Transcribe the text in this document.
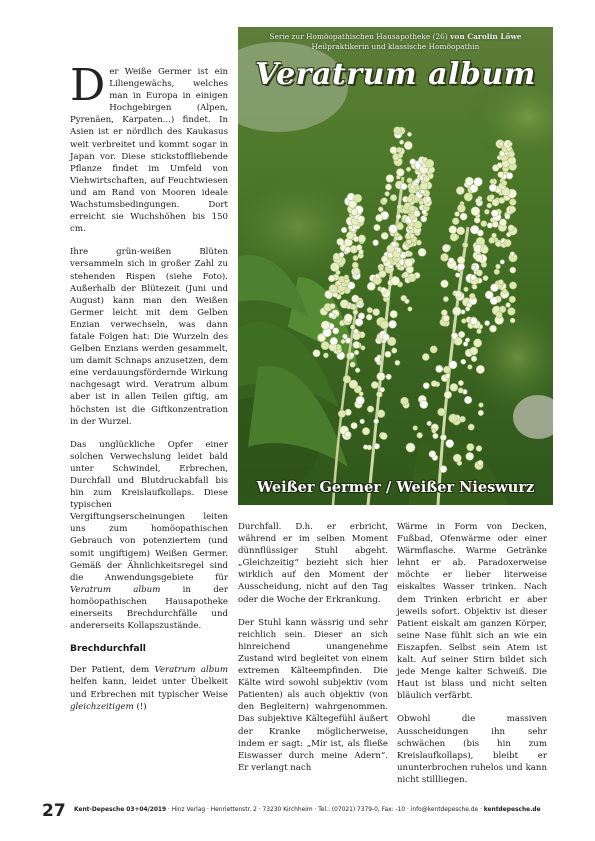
Der Weiße Germer ist ein Liliengewächs, welches man in Europa in einigen Hochgebirgen (Alpen, Pyrenäen, Karpaten...) findet. In Asien ist er nördlich des Kaukasus weit verbreitet und kommt sogar in Japan vor. Diese stickstoffliebende Pflanze findet im Umfeld von Viehwirtschaften, auf Feuchtwiesen und am Rand von Mooren ideale Wachstumsbedingungen. Dort erreicht sie Wuchshöhen bis 150 cm.

Ihre grün-weißen Blüten versammeln sich in großer Zahl zu stehenden Rispen (siehe Foto). Außerhalb der Blütezeit (Juni und August) kann man den Weißen Germer leicht mit dem Gelben Enzian verwechseln, was dann fatale Folgen hat: Die Wurzeln des Gelben Enzians werden gesammelt, um damit Schnaps anzusetzen, dem eine verdauungsfördernde Wirkung nachgesagt wird. Veratrum album aber ist in allen Teilen giftig, am höchsten ist die Giftkonzentration in der Wurzel.

Das unglückliche Opfer einer solchen Verwechslung leidet bald unter Schwindel, Erbrechen, Durchfall und Blutdruckabfall bis hin zum Kreislaufkollaps. Diese typischen Vergiftungserscheinungen leiten uns zum homöopathischen Gebrauch von potenziertem (und somit ungiftigem) Weißen Germer. Gemäß der Ähnlichkeitsregel sind die Anwendungsgebiete für Veratrum album in der homöopathischen Hausapotheke einerseits Brechdurchfälle und andererseits Kollapszustände.

Brechdurchfall

Der Patient, dem Veratrum album helfen kann, leidet unter Übelkeit und Erbrechen mit typischer Weise gleichzeitigem (!)

Serie zur Homöopathischen Hausapotheke (26) von Carolin Löwe
Heilpraktikerin und klassische Homöopathin
Veratrum album
Weißer Germer / Weißer Nieswurz

Durchfall. D.h. er erbricht, während er im selben Moment dünnflüssiger Stuhl abgeht. „Gleichzeitig“ bezieht sich hier wirklich auf den Moment der Ausscheidung, nicht auf den Tag oder die Woche der Erkrankung.

Der Stuhl kann wässrig und sehr reichlich sein. Dieser an sich hinreichend unangenehme Zustand wird begleitet von einem extremen Kälteempfinden. Die Kälte wird sowohl subjektiv (vom Patienten) als auch objektiv (von den Begleitern) wahrgenommen. Das subjektive Kältegefühl äußert der Kranke möglicherweise, indem er sagt: „Mir ist, als fließe Eiswasser durch meine Adern“. Er verlangt nach

Wärme in Form von Decken, Fußbad, Ofenwärme oder einer Wärmflasche. Warme Getränke lehnt er ab. Paradoxerweise möchte er lieber literweise eiskaltes Wasser trinken. Nach dem Trinken erbricht er aber jeweils sofort. Objektiv ist dieser Patient eiskalt am ganzen Körper, seine Nase fühlt sich an wie ein Eiszapfen. Selbst sein Atem ist kalt. Auf seiner Stirn bildet sich jede Menge kalter Schweiß. Die Haut ist blass und nicht selten bläulich verfärbt.

Obwohl die massiven Ausscheidungen ihn sehr schwächen (bis hin zum Kreislaufkollaps), bleibt er ununterbrochen ruhelos und kann nicht stillliegen.

27 Kent-Depesche 03+04/2019 · Hinz Verlag · Henriettenstr. 2 · 73230 Kirchheim · Tel.: (07021) 7379-0, Fax: -10 · info@kentdepesche.de · kentdepesche.de
